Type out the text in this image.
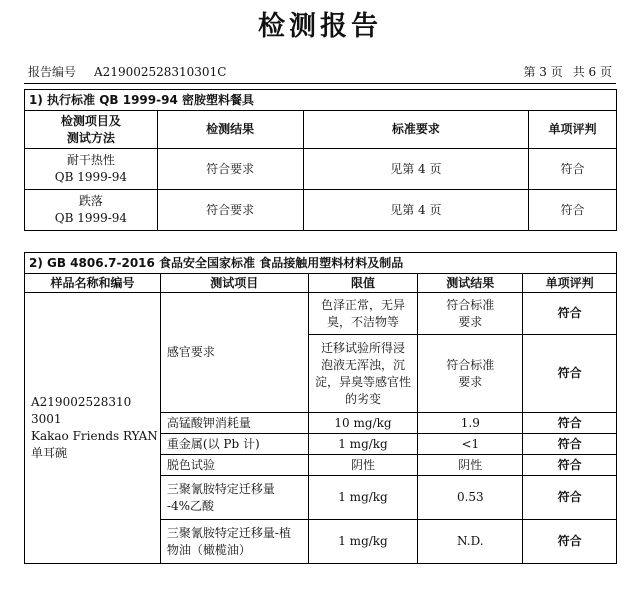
检测报告
报告编号 A219002528310301C	第 3 页 共 6 页
1) 执行标准 QB 1999-94 密胺塑料餐具			
检测项目及
测试方法	检测结果	标准要求	单项评判
耐干热性
QB 1999-94	符合要求	见第 4 页	符合
跌落
QB 1999-94	符合要求	见第 4 页	符合
2) GB 4806.7-2016 食品安全国家标准 食品接触用塑料材料及制品				
样品名称和编号	测试项目	限值	测试结果	单项评判
A219002528310 3001
Kakao Friends RYAN
单耳碗	感官要求	色泽正常，无异
臭，不洁物等	符合标准
要求	符合
		迁移试验所得浸
泡液无浑浊，沉
淀，异臭等感官性
的劣变	符合标准
要求	符合
	高锰酸钾消耗量	10 mg/kg	1.9	符合
	重金属(以 Pb 计)	1 mg/kg	<1	符合
	脱色试验	阴性	阴性	符合
	三聚氰胺特定迁移量
-4%乙酸	1 mg/kg	0.53	符合
	三聚氰胺特定迁移量-植
物油（橄榄油）	1 mg/kg	N.D.	符合
